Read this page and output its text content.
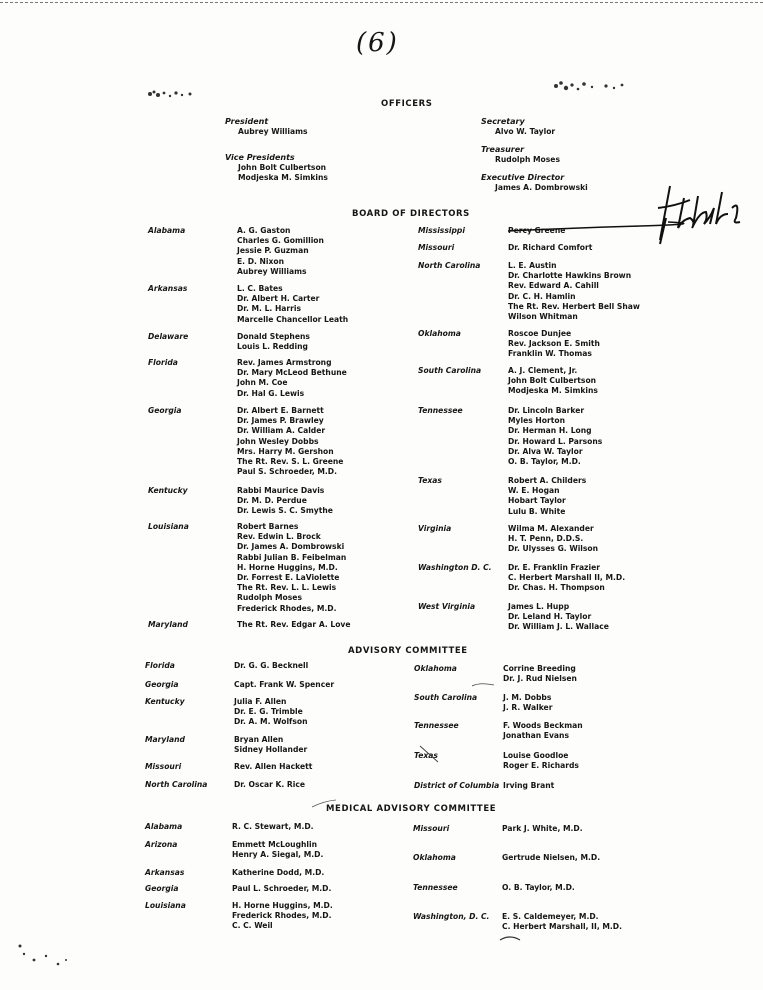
(6)
OFFICERS
President
Aubrey Williams
Vice Presidents
John Bolt Culbertson
Modjeska M. Simkins
Secretary
Alvo W. Taylor
Treasurer
Rudolph Moses
Executive Director
James A. Dombrowski
BOARD OF DIRECTORS
Alabama	A. G. Gaston
Charles G. Gomillion
Jessie P. Guzman
E. D. Nixon
Aubrey Williams
Arkansas	L. C. Bates
Dr. Albert H. Carter
Dr. M. L. Harris
Marcelle Chancellor Leath
Delaware	Donald Stephens
Louis L. Redding
Florida	Rev. James Armstrong
Dr. Mary McLeod Bethune
John M. Coe
Dr. Hal G. Lewis
Georgia	Dr. Albert E. Barnett
Dr. James P. Brawley
Dr. William A. Calder
John Wesley Dobbs
Mrs. Harry M. Gershon
The Rt. Rev. S. L. Greene
Paul S. Schroeder, M.D.
Kentucky	Rabbi Maurice Davis
Dr. M. D. Perdue
Dr. Lewis S. C. Smythe
Louisiana	Robert Barnes
Rev. Edwin L. Brock
Dr. James A. Dombrowski
Rabbi Julian B. Feibelman
H. Horne Huggins, M.D.
Dr. Forrest E. LaViolette
The Rt. Rev. L. L. Lewis
Rudolph Moses
Frederick Rhodes, M.D.
Maryland	The Rt. Rev. Edgar A. Love
Mississippi	Percy Greene
Missouri	Dr. Richard Comfort
North Carolina	L. E. Austin
Dr. Charlotte Hawkins Brown
Rev. Edward A. Cahill
Dr. C. H. Hamlin
The Rt. Rev. Herbert Bell Shaw
Wilson Whitman
Oklahoma	Roscoe Dunjee
Rev. Jackson E. Smith
Franklin W. Thomas
South Carolina	A. J. Clement, Jr.
John Bolt Culbertson
Modjeska M. Simkins
Tennessee	Dr. Lincoln Barker
Myles Horton
Dr. Herman H. Long
Dr. Howard L. Parsons
Dr. Alva W. Taylor
O. B. Taylor, M.D.
Texas	Robert A. Childers
W. E. Hogan
Hobart Taylor
Lulu B. White
Virginia	Wilma M. Alexander
H. T. Penn, D.D.S.
Dr. Ulysses G. Wilson
Washington D. C. Dr. E. Franklin Frazier
C. Herbert Marshall II, M.D.
Dr. Chas. H. Thompson
West Virginia	James L. Hupp
Dr. Leland H. Taylor
Dr. William J. L. Wallace
ADVISORY COMMITTEE
Florida	Dr. G. G. Becknell
Georgia	Capt. Frank W. Spencer
Kentucky	Julia F. Allen
Dr. E. G. Trimble
Dr. A. M. Wolfson
Maryland	Bryan Allen
Sidney Hollander
Missouri	Rev. Allen Hackett
North Carolina	Dr. Oscar K. Rice
Oklahoma	Corrine Breeding
Dr. J. Rud Nielsen
South Carolina	J. M. Dobbs
J. R. Walker
Tennessee	F. Woods Beckman
Jonathan Evans
Texas	Louise Goodloe
Roger E. Richards
District of Columbia Irving Brant
MEDICAL ADVISORY COMMITTEE
Alabama	R. C. Stewart, M.D.
Arizona	Emmett McLoughlin
Henry A. Siegal, M.D.
Arkansas	Katherine Dodd, M.D.
Georgia	Paul L. Schroeder, M.D.
Louisiana	H. Horne Huggins, M.D.
Frederick Rhodes, M.D.
C. C. Weil
Missouri	Park J. White, M.D.
Oklahoma	Gertrude Nielsen, M.D.
Tennessee	O. B. Taylor, M.D.
Washington, D. C. E. S. Caldemeyer, M.D.
C. Herbert Marshall, II, M.D.
